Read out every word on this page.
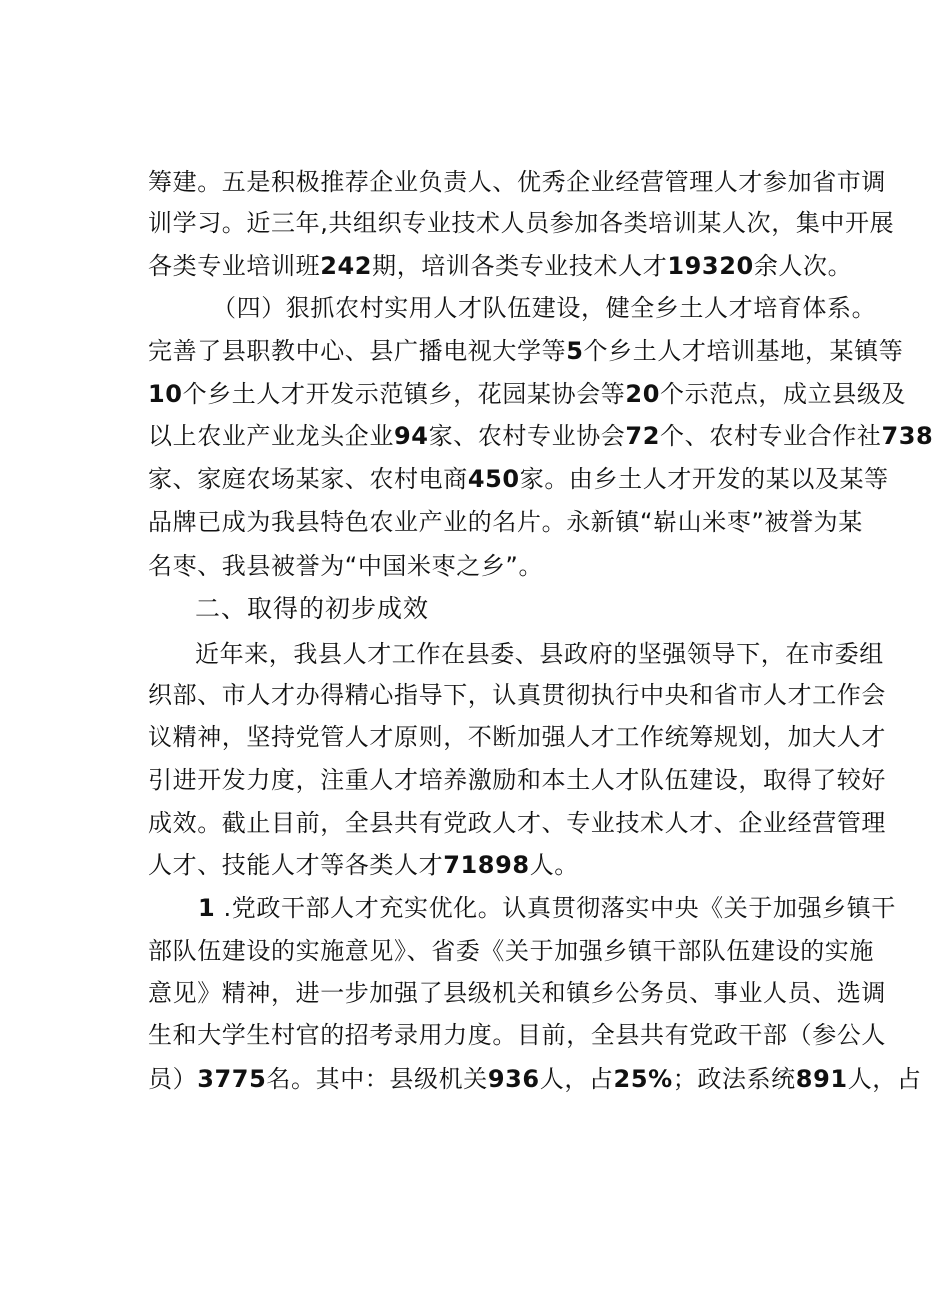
筹建。五是积极推荐企业负责人、优秀企业经营管理人才参加省市调
训学习。近三年,共组织专业技术人员参加各类培训某人次，集中开展
各类专业培训班242期，培训各类专业技术人才19320余人次。
（四）狠抓农村实用人才队伍建设，健全乡土人才培育体系。
完善了县职教中心、县广播电视大学等5个乡土人才培训基地，某镇等
10个乡土人才开发示范镇乡，花园某协会等20个示范点，成立县级及
以上农业产业龙头企业94家、农村专业协会72个、农村专业合作社738
家、家庭农场某家、农村电商450家。由乡土人才开发的某以及某等
品牌已成为我县特色农业产业的名片。永新镇“崭山米枣”被誉为某
名枣、我县被誉为“中国米枣之乡”。
二、取得的初步成效
近年来，我县人才工作在县委、县政府的坚强领导下，在市委组
织部、市人才办得精心指导下，认真贯彻执行中央和省市人才工作会
议精神，坚持党管人才原则，不断加强人才工作统筹规划，加大人才
引进开发力度，注重人才培养激励和本土人才队伍建设，取得了较好
成效。截止目前，全县共有党政人才、专业技术人才、企业经营管理
人才、技能人才等各类人才71898人。
1 .党政干部人才充实优化。认真贯彻落实中央《关于加强乡镇干
部队伍建设的实施意见》、省委《关于加强乡镇干部队伍建设的实施
意见》精神，进一步加强了县级机关和镇乡公务员、事业人员、选调
生和大学生村官的招考录用力度。目前，全县共有党政干部（参公人
员）3775名。其中：县级机关936人，占25%；政法系统891人，占
